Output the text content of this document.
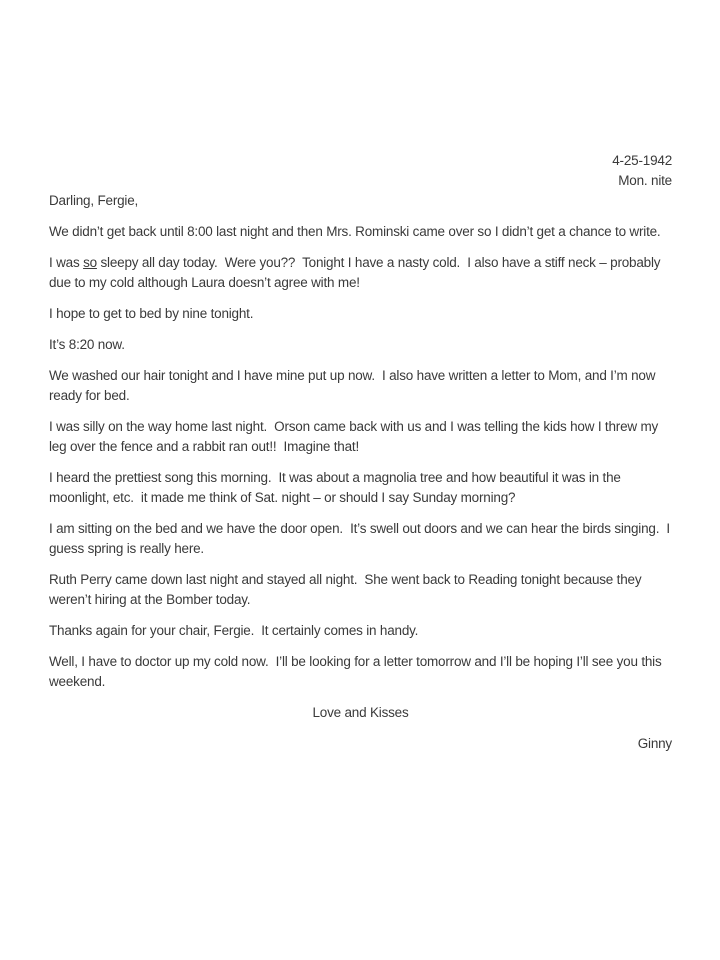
4-25-1942
Mon. nite

Darling, Fergie,

We didn’t get back until 8:00 last night and then Mrs. Rominski came over so I didn’t get a chance to write.

I was so sleepy all day today.  Were you??  Tonight I have a nasty cold.  I also have a stiff neck – probably due to my cold although Laura doesn’t agree with me!

I hope to get to bed by nine tonight.

It’s 8:20 now.

We washed our hair tonight and I have mine put up now.  I also have written a letter to Mom, and I’m now ready for bed.

I was silly on the way home last night.  Orson came back with us and I was telling the kids how I threw my leg over the fence and a rabbit ran out!!  Imagine that!

I heard the prettiest song this morning.  It was about a magnolia tree and how beautiful it was in the moonlight, etc.  it made me think of Sat. night – or should I say Sunday morning?

I am sitting on the bed and we have the door open.  It’s swell out doors and we can hear the birds singing.  I guess spring is really here.

Ruth Perry came down last night and stayed all night.  She went back to Reading tonight because they weren’t hiring at the Bomber today.

Thanks again for your chair, Fergie.  It certainly comes in handy.

Well, I have to doctor up my cold now.  I’ll be looking for a letter tomorrow and I’ll be hoping I’ll see you this weekend.

Love and Kisses

Ginny
